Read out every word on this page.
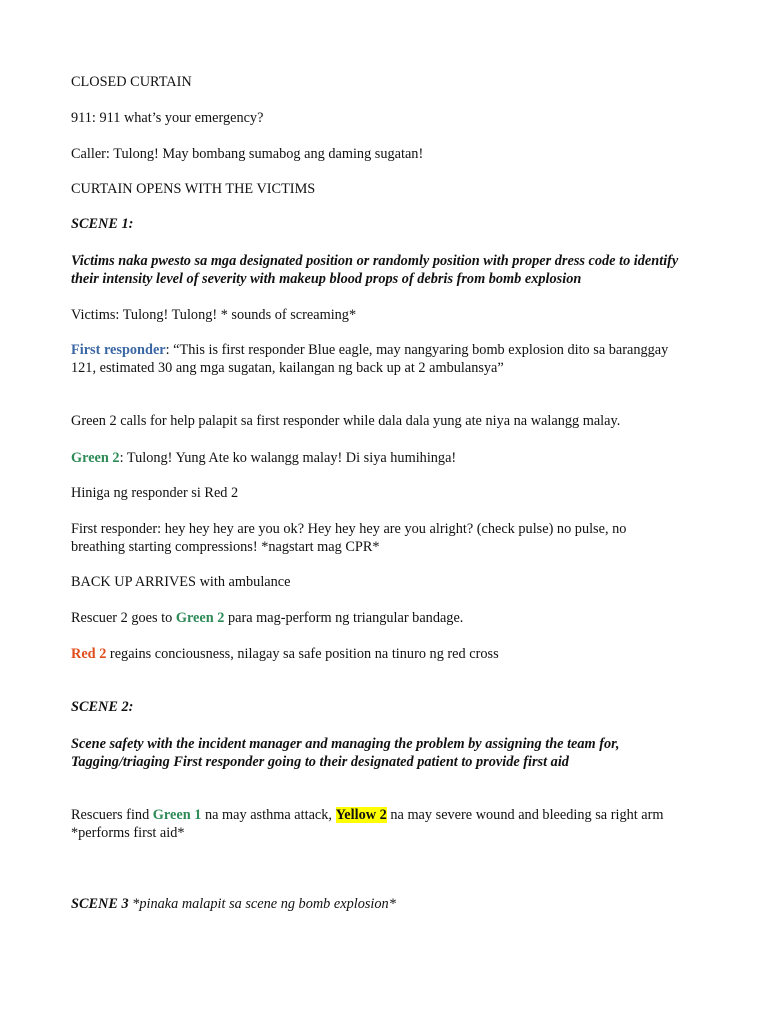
CLOSED CURTAIN

911: 911 what’s your emergency?

Caller: Tulong! May bombang sumabog ang daming sugatan!

CURTAIN OPENS WITH THE VICTIMS

SCENE 1:

Victims naka pwesto sa mga designated position or randomly position with proper dress code to identify their intensity level of severity with makeup blood props of debris from bomb explosion

Victims: Tulong! Tulong! * sounds of screaming*

First responder: “This is first responder Blue eagle, may nangyaring bomb explosion dito sa baranggay 121, estimated 30 ang mga sugatan, kailangan ng back up at 2 ambulansya”

Green 2 calls for help palapit sa first responder while dala dala yung ate niya na walangg malay.

Green 2: Tulong! Yung Ate ko walangg malay! Di siya humihinga!

Hiniga ng responder si Red 2

First responder: hey hey hey are you ok? Hey hey hey are you alright? (check pulse) no pulse, no breathing starting compressions! *nagstart mag CPR*

BACK UP ARRIVES with ambulance

Rescuer 2 goes to Green 2 para mag-perform ng triangular bandage.

Red 2 regains conciousness, nilagay sa safe position na tinuro ng red cross

SCENE 2:

Scene safety with the incident manager and managing the problem by assigning the team for, Tagging/triaging First responder going to their designated patient to provide first aid

Rescuers find Green 1 na may asthma attack, Yellow 2 na may severe wound and bleeding sa right arm *performs first aid*

SCENE 3 *pinaka malapit sa scene ng bomb explosion*
